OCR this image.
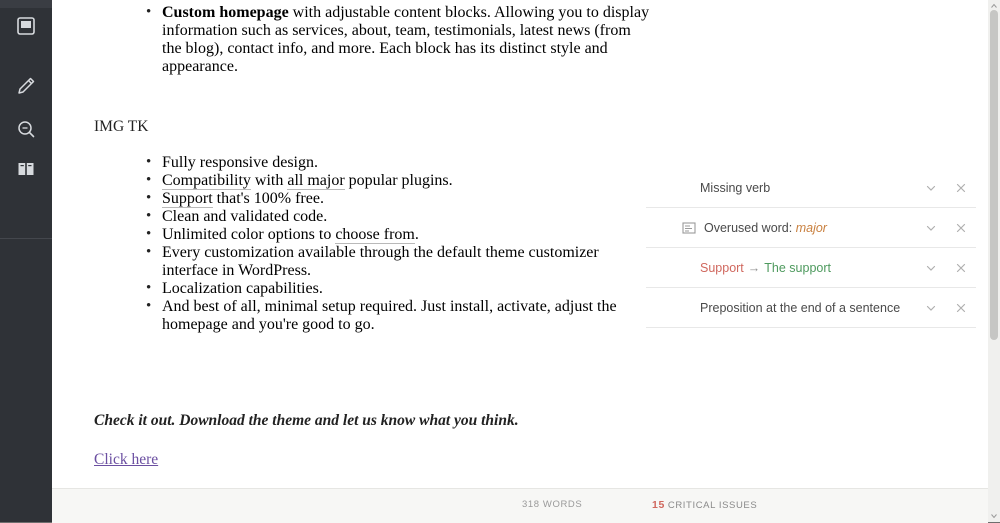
• Custom homepage with adjustable content blocks. Allowing you to display information such as services, about, team, testimonials, latest news (from the blog), contact info, and more. Each block has its distinct style and appearance.
IMG TK
• Fully responsive design.
• Compatibility with all major popular plugins.
• Support that's 100% free.
• Clean and validated code.
• Unlimited color options to choose from.
• Every customization available through the default theme customizer interface in WordPress.
• Localization capabilities.
• And best of all, minimal setup required. Just install, activate, adjust the homepage and you're good to go.
Check it out. Download the theme and let us know what you think.
Click here
Missing verb
Overused word: major
Support → The support
Preposition at the end of a sentence
318 WORDS	15 CRITICAL ISSUES
